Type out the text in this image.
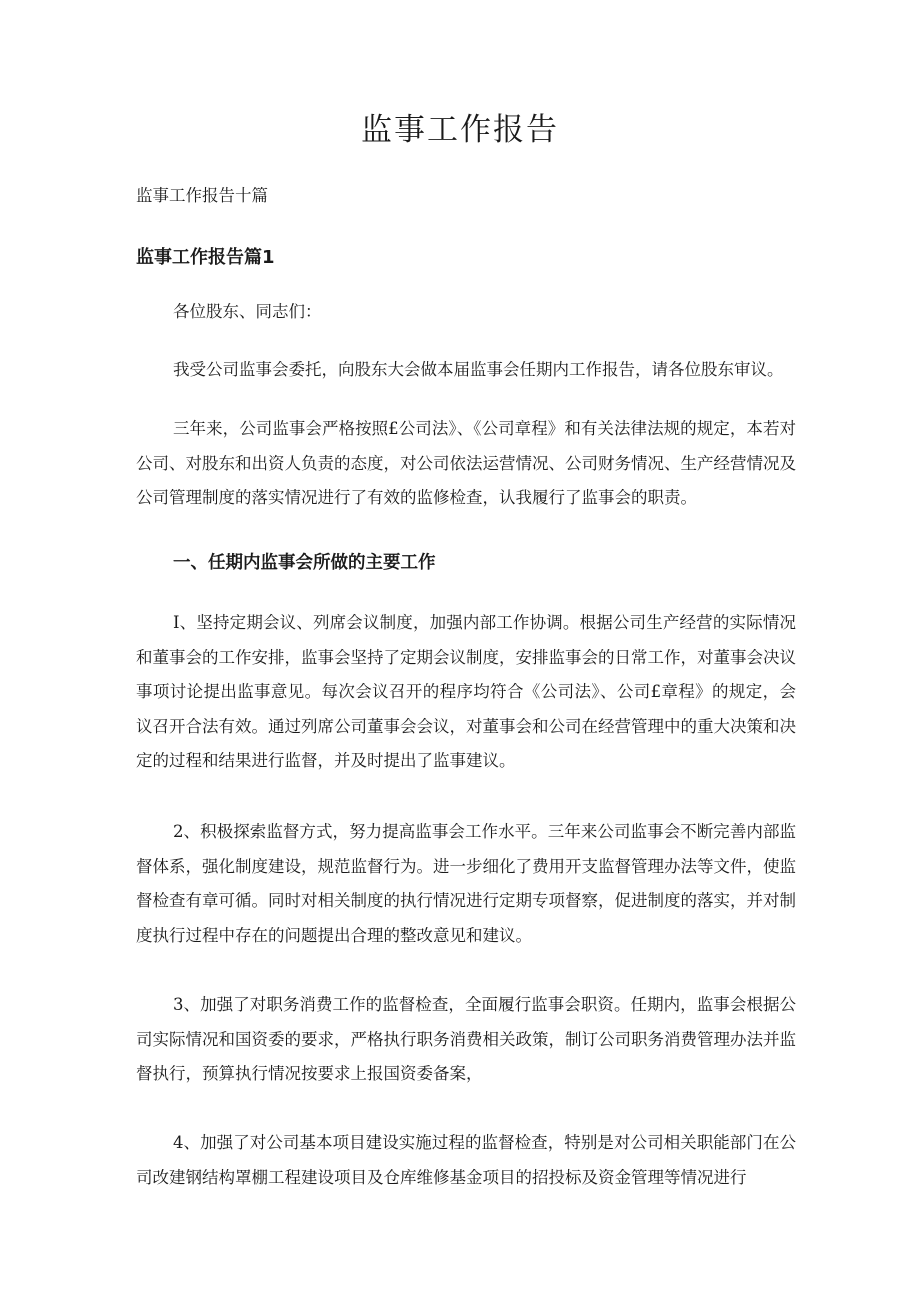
监事工作报告

监事工作报告十篇

监事工作报告篇1

各位股东、同志们：

我受公司监事会委托，向股东大会做本届监事会任期内工作报告，请各位股东审议。

三年来，公司监事会严格按照£公司法》、《公司章程》和有关法律法规的规定，本若对公司、对股东和出资人负责的态度，对公司依法运营情况、公司财务情况、生产经营情况及公司管理制度的落实情况进行了有效的监修检查，认我履行了监事会的职责。

一、任期内监事会所做的主要工作

I、坚持定期会议、列席会议制度，加强内部工作协调。根据公司生产经营的实际情况和董事会的工作安排，监事会坚持了定期会议制度，安排监事会的日常工作，对董事会决议事项讨论提出监事意见。每次会议召开的程序均符合《公司法》、公司£章程》的规定，会议召开合法有效。通过列席公司董事会会议，对董事会和公司在经营管理中的重大决策和决定的过程和结果进行监督，并及时提出了监事建议。

2、积极探索监督方式，努力提高监事会工作水平。三年来公司监事会不断完善内部监督体系，强化制度建设，规范监督行为。进一步细化了费用开支监督管理办法等文件，使监督检查有章可循。同时对相关制度的执行情况进行定期专项督察，促进制度的落实，并对制度执行过程中存在的问题提出合理的整改意见和建议。

3、加强了对职务消费工作的监督检查，全面履行监事会职资。任期内，监事会根据公司实际情况和国资委的要求，严格执行职务消费相关政策，制订公司职务消费管理办法并监督执行，预算执行情况按要求上报国资委备案，

4、加强了对公司基本项目建设实施过程的监督检查，特别是对公司相关职能部门在公司改建钢结构罩棚工程建设项目及仓库维修基金项目的招投标及资金管理等情况进行
